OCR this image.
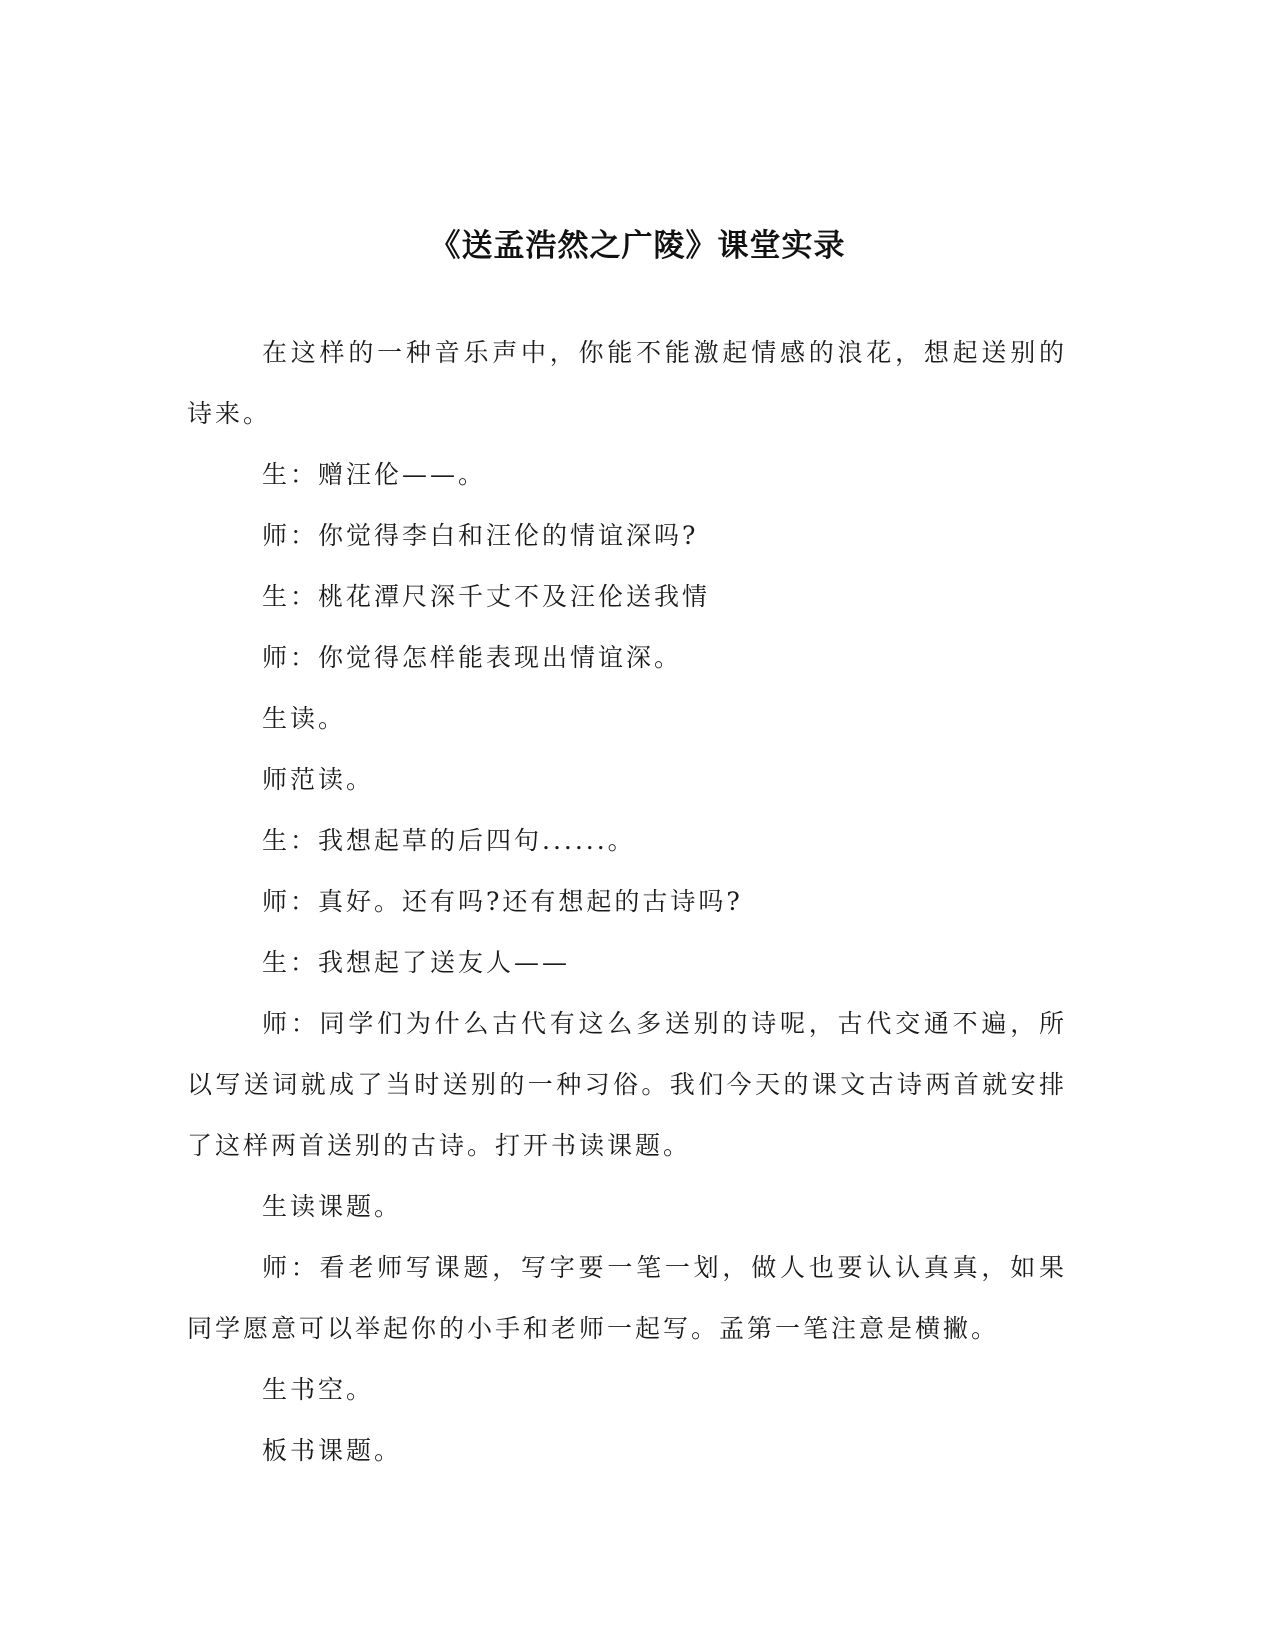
《送孟浩然之广陵》课堂实录

在这样的一种音乐声中，你能不能激起情感的浪花，想起送别的诗来。

生：赠汪伦——。

师：你觉得李白和汪伦的情谊深吗?

生：桃花潭尺深千丈不及汪伦送我情

师：你觉得怎样能表现出情谊深。

生读。

师范读。

生：我想起草的后四句......。

师：真好。还有吗?还有想起的古诗吗?

生：我想起了送友人——

师：同学们为什么古代有这么多送别的诗呢，古代交通不遍，所以写送词就成了当时送别的一种习俗。我们今天的课文古诗两首就安排了这样两首送别的古诗。打开书读课题。

生读课题。

师：看老师写课题，写字要一笔一划，做人也要认认真真，如果同学愿意可以举起你的小手和老师一起写。孟第一笔注意是横撇。

生书空。

板书课题。
